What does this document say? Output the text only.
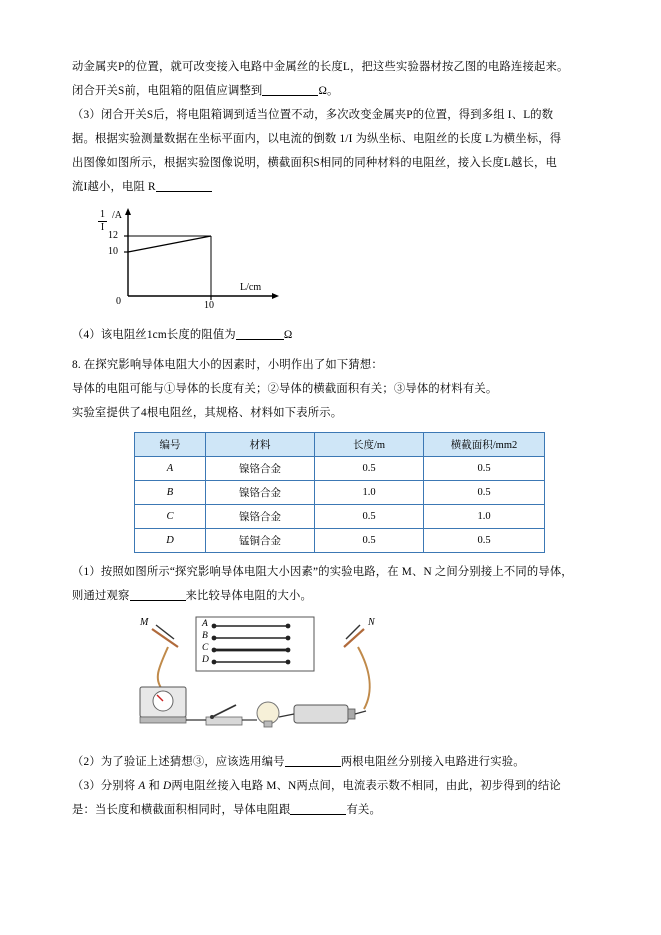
动金属夹P的位置，就可改变接入电路中金属丝的长度L，把这些实验器材按乙图的电路连接起来。

闭合开关S前，电阻箱的阻值应调整到	Ω。

（3）闭合开关S后，将电阻箱调到适当位置不动，多次改变金属夹P的位置，得到多组 I、L的数

据。根据实验测量数据在坐标平面内，以电流的倒数 1/I 为纵坐标、电阻丝的长度 L为横坐标，得

出图像如图所示，根据实验图像说明，横截面积S相同的同种材料的电阻丝，接入长度L越长，电

流I越小，电阻 R

1
I
/A
12
10
0	10
L/cm

（4）该电阻丝1cm长度的阻值为	Ω

8. 在探究影响导体电阻大小的因素时，小明作出了如下猜想：

导体的电阻可能与①导体的长度有关；②导体的横截面积有关；③导体的材料有关。

实验室提供了4根电阻丝，其规格、材料如下表所示。

编号	材料	长度/m	横截面积/mm2
A	镍铬合金	0.5	0.5
B	镍铬合金	1.0	0.5
C	镍铬合金	0.5	1.0
D	锰铜合金	0.5	0.5

（1）按照如图所示“探究影响导体电阻大小因素”的实验电路，在 M、N 之间分别接上不同的导体，

则通过观察	来比较导体电阻的大小。

M	N
A
B
C
D

（2）为了验证上述猜想③，应该选用编号	两根电阻丝分别接入电路进行实验。

（3）分别将 A 和 D两电阻丝接入电路 M、N两点间，电流表示数不相同，由此，初步得到的结论

是：当长度和横截面积相同时，导体电阻跟	有关。
